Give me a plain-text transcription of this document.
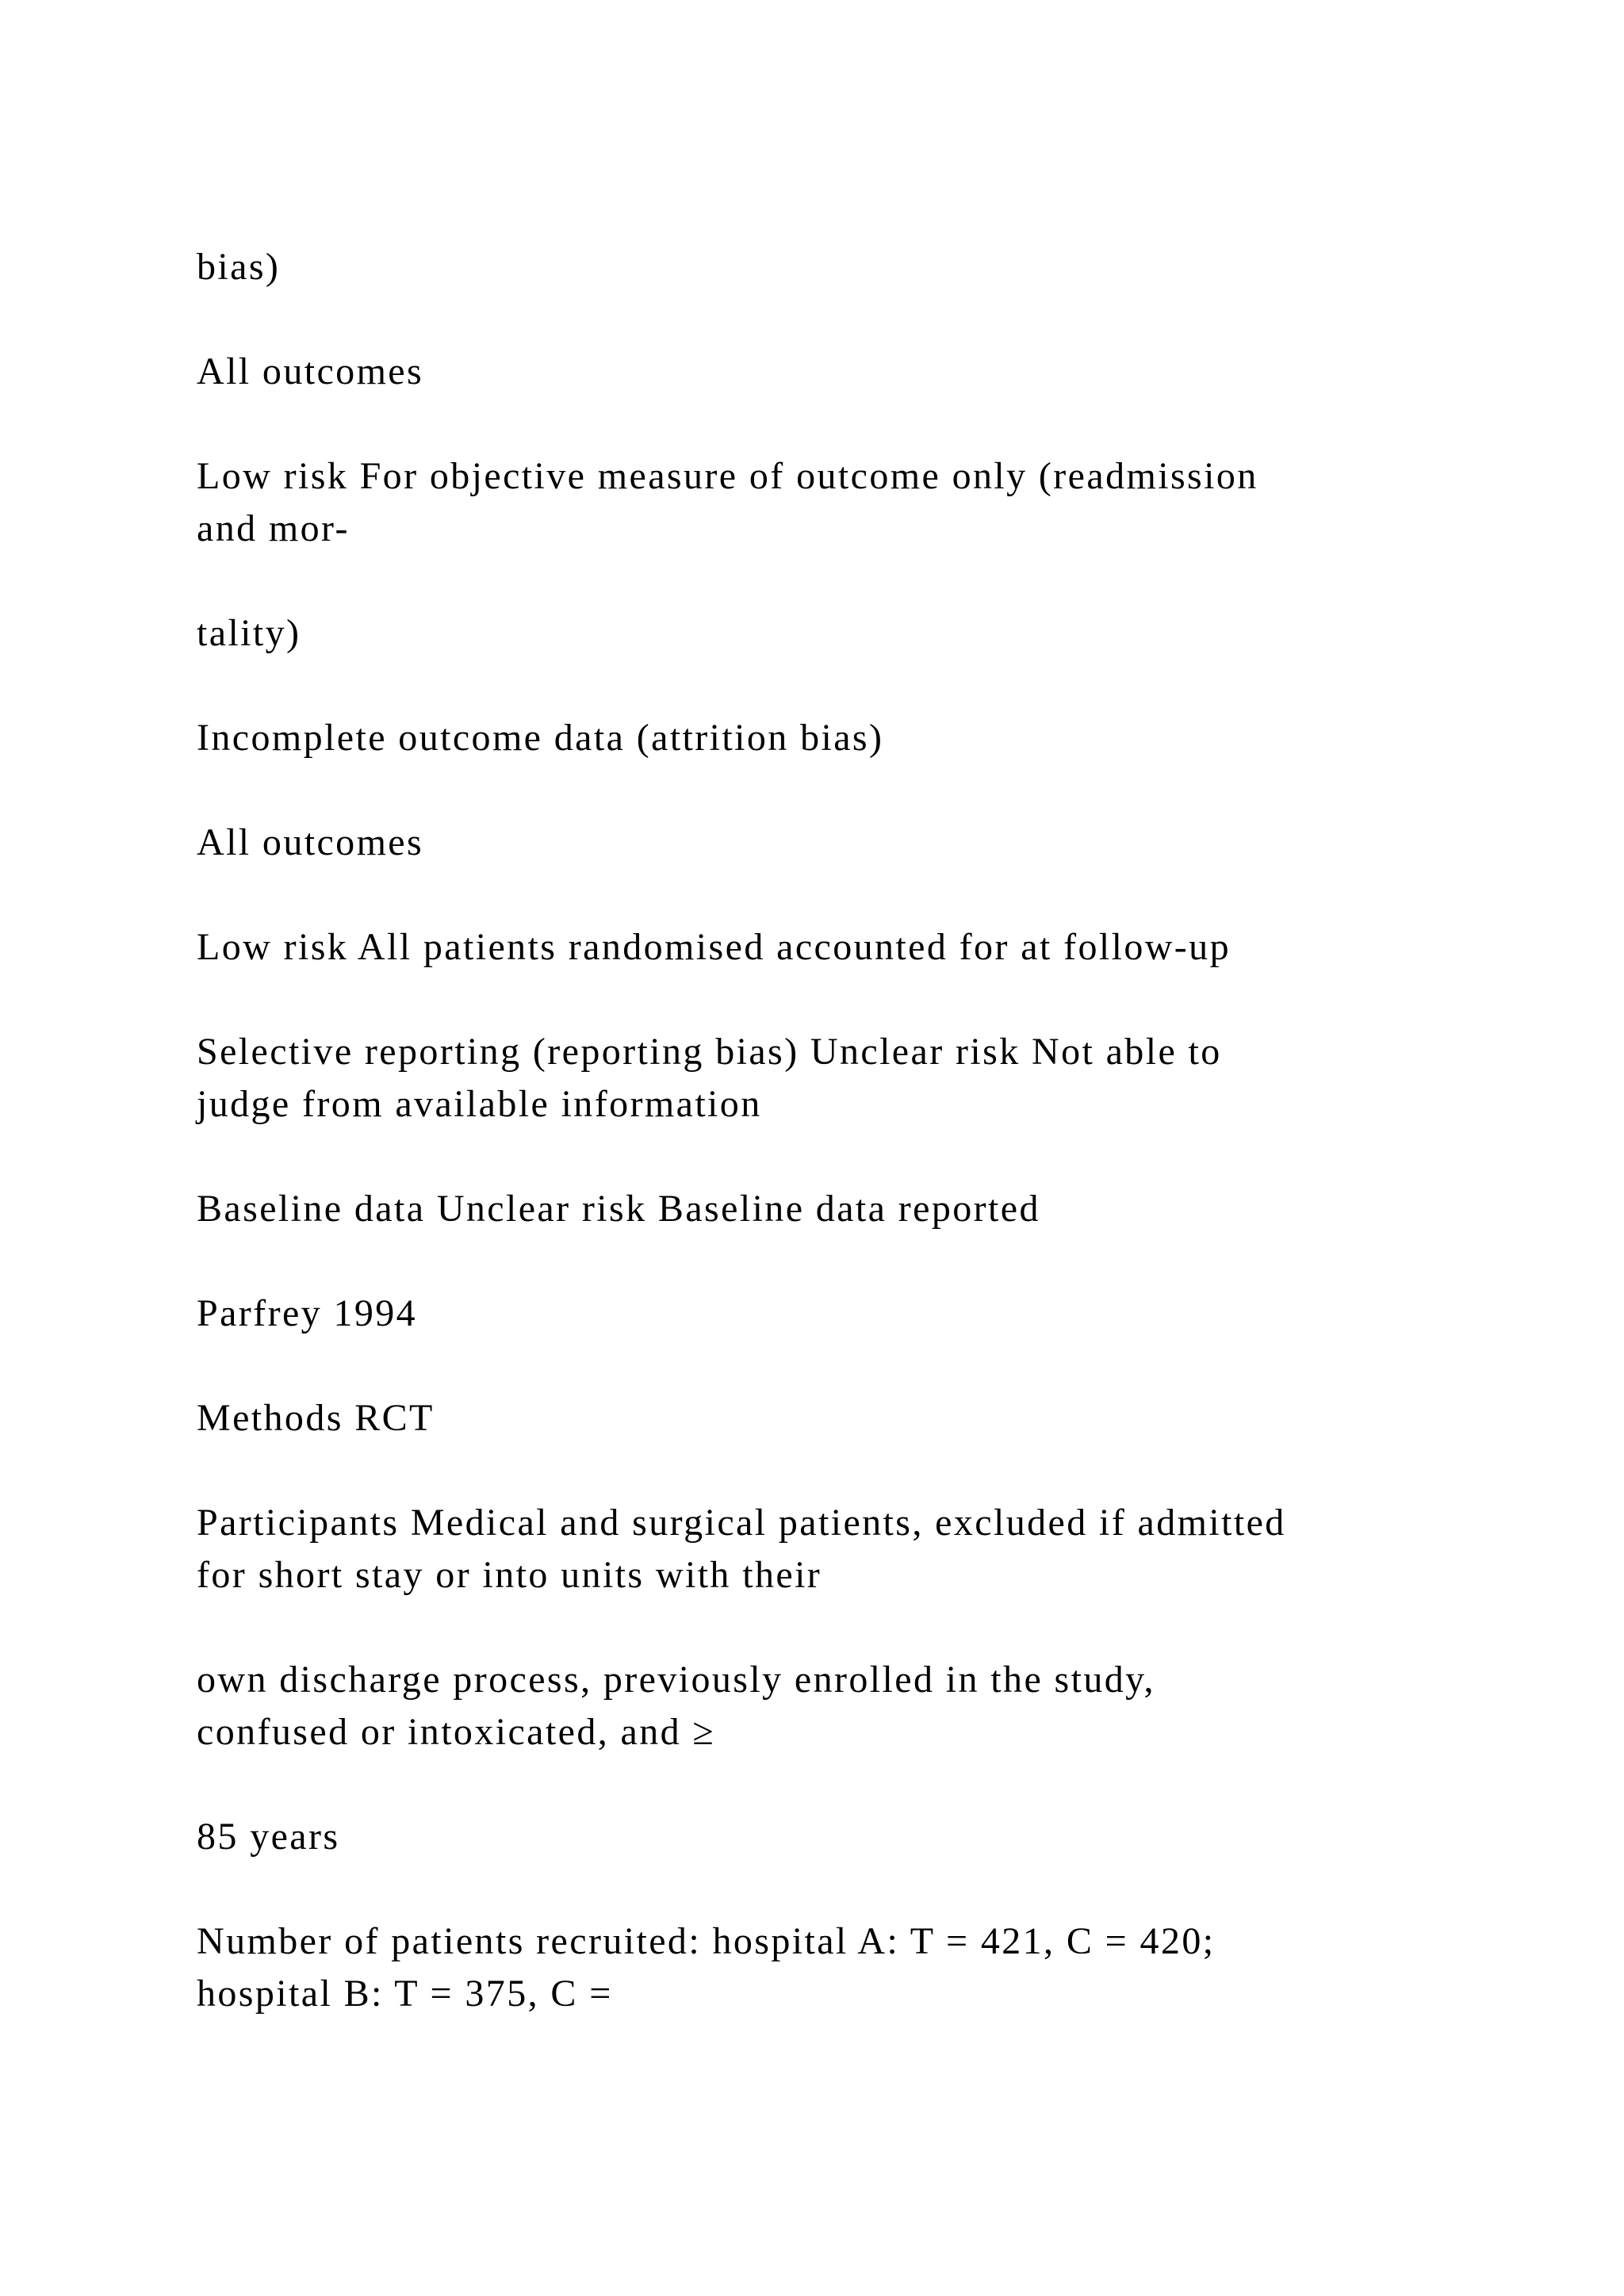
bias)

All outcomes

Low risk For objective measure of outcome only (readmission
and mor-

tality)

Incomplete outcome data (attrition bias)

All outcomes

Low risk All patients randomised accounted for at follow-up

Selective reporting (reporting bias) Unclear risk Not able to
judge from available information

Baseline data Unclear risk Baseline data reported

Parfrey 1994

Methods RCT

Participants Medical and surgical patients, excluded if admitted
for short stay or into units with their

own discharge process, previously enrolled in the study,
confused or intoxicated, and ≥

85 years

Number of patients recruited: hospital A: T = 421, C = 420;
hospital B: T = 375, C =
